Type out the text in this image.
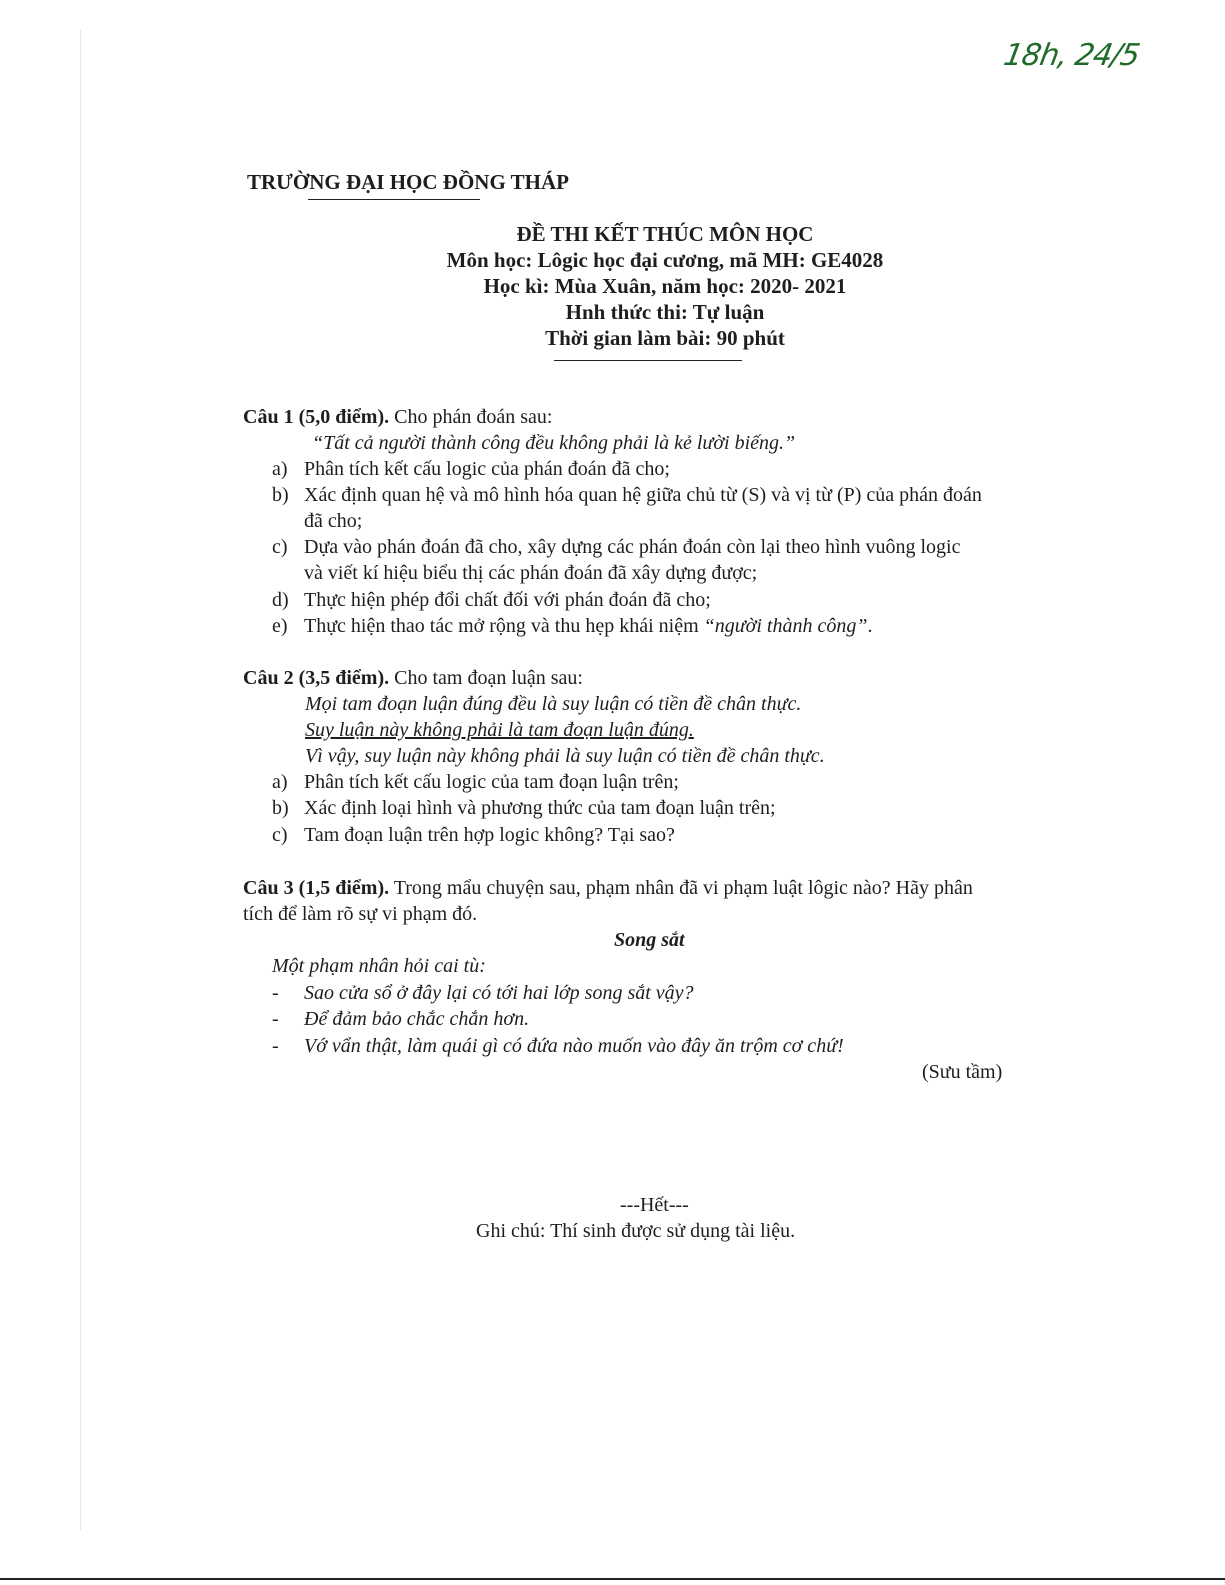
18h, 24/5
TRƯỜNG ĐẠI HỌC ĐỒNG THÁP
ĐỀ THI KẾT THÚC MÔN HỌC
Môn học: Lôgic học đại cương, mã MH: GE4028
Học kì: Mùa Xuân, năm học: 2020- 2021
Hnh thức thi: Tự luận
Thời gian làm bài: 90 phút
Câu 1 (5,0 điểm). Cho phán đoán sau:
“Tất cả người thành công đều không phải là kẻ lười biếng.”
a) Phân tích kết cấu logic của phán đoán đã cho;
b) Xác định quan hệ và mô hình hóa quan hệ giữa chủ từ (S) và vị từ (P) của phán đoán
đã cho;
c) Dựa vào phán đoán đã cho, xây dựng các phán đoán còn lại theo hình vuông logic
và viết kí hiệu biểu thị các phán đoán đã xây dựng được;
d) Thực hiện phép đổi chất đối với phán đoán đã cho;
e) Thực hiện thao tác mở rộng và thu hẹp khái niệm “người thành công”.
Câu 2 (3,5 điểm). Cho tam đoạn luận sau:
Mọi tam đoạn luận đúng đều là suy luận có tiền đề chân thực.
Suy luận này không phải là tam đoạn luận đúng.
Vì vậy, suy luận này không phải là suy luận có tiền đề chân thực.
a) Phân tích kết cấu logic của tam đoạn luận trên;
b) Xác định loại hình và phương thức của tam đoạn luận trên;
c) Tam đoạn luận trên hợp logic không? Tại sao?
Câu 3 (1,5 điểm). Trong mẩu chuyện sau, phạm nhân đã vi phạm luật lôgic nào? Hãy phân
tích để làm rõ sự vi phạm đó.
Song sắt
Một phạm nhân hỏi cai tù:
- Sao cửa sổ ở đây lại có tới hai lớp song sắt vậy?
- Để đảm bảo chắc chắn hơn.
- Vớ vẩn thật, làm quái gì có đứa nào muốn vào đây ăn trộm cơ chứ!
(Sưu tầm)
---Hết---
Ghi chú: Thí sinh được sử dụng tài liệu.
